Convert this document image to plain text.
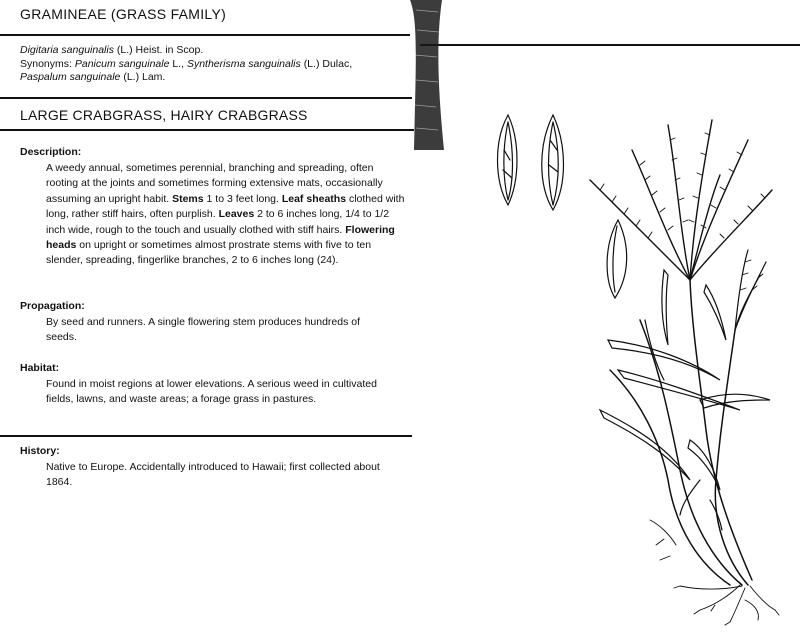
GRAMINEAE (GRASS FAMILY)
Digitaria sanguinalis (L.) Heist. in Scop.
Synonyms: Panicum sanguinale L., Syntherisma sanguinalis (L.) Dulac,
Paspalum sanguinale (L.) Lam.
LARGE CRABGRASS, HAIRY CRABGRASS
Description:
A weedy annual, sometimes perennial, branching and spreading, often rooting at the joints and sometimes forming extensive mats, occasionally assuming an upright habit. Stems 1 to 3 feet long. Leaf sheaths clothed with long, rather stiff hairs, often purplish. Leaves 2 to 6 inches long, 1/4 to 1/2 inch wide, rough to the touch and usually clothed with stiff hairs. Flowering heads on upright or sometimes almost prostrate stems with five to ten slender, spreading, fingerlike branches, 2 to 6 inches long (24).
Propagation:
By seed and runners. A single flowering stem produces hundreds of seeds.
Habitat:
Found in moist regions at lower elevations. A serious weed in cultivated fields, lawns, and waste areas; a forage grass in pastures.
History:
Native to Europe. Accidentally introduced to Hawaii; first collected about 1864.
